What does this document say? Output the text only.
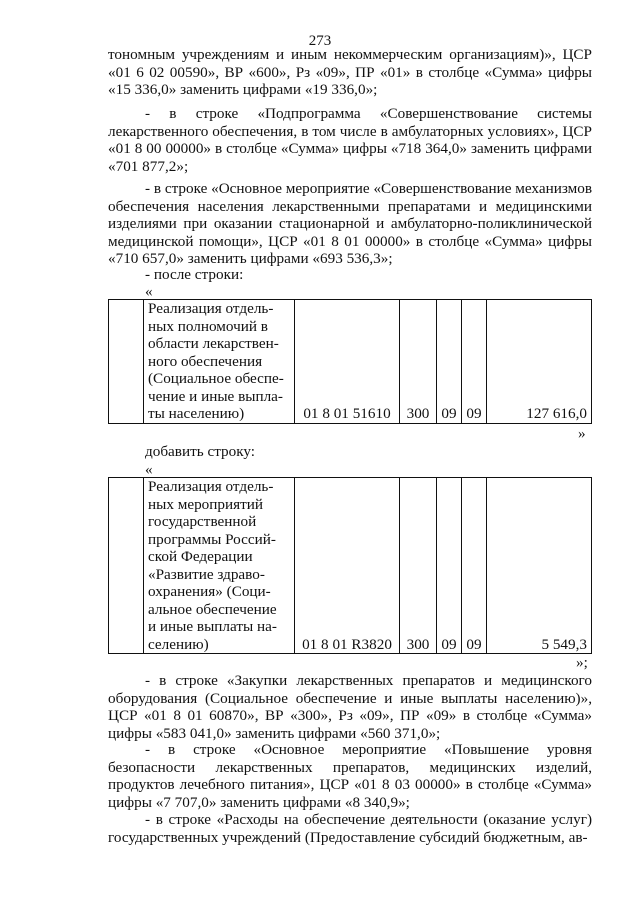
273

тономным учреждениям и иным некоммерческим организациям)», ЦСР «01 6 02 00590», ВР «600», Рз «09», ПР «01» в столбце «Сумма» цифры «15 336,0» заменить цифрами «19 336,0»;

- в строке «Подпрограмма «Совершенствование системы лекарственного обеспечения, в том числе в амбулаторных условиях», ЦСР «01 8 00 00000» в столбце «Сумма» цифры «718 364,0» заменить цифрами «701 877,2»;

- в строке «Основное мероприятие «Совершенствование механизмов обеспечения населения лекарственными препаратами и медицинскими изделиями при оказании стационарной и амбулаторно-поликлинической медицинской помощи», ЦСР «01 8 01 00000» в столбце «Сумма» цифры «710 657,0» заменить цифрами «693 536,3»;

- после строки:
«

Реализация отдель-
ных полномочий в
области лекарствен-
ного обеспечения
(Социальное обеспе-
чение и иные выпла-
ты населению)	01 8 01 51610	300	09	09	127 616,0
»
добавить строку:
«

Реализация отдель-
ных мероприятий
государственной
программы Россий-
ской Федерации
«Развитие здраво-
охранения» (Соци-
альное обеспечение
и иные выплаты на-
селению)	01 8 01 R3820	300	09	09	5 549,3
»;

- в строке «Закупки лекарственных препаратов и медицинского оборудования (Социальное обеспечение и иные выплаты населению)», ЦСР «01 8 01 60870», ВР «300», Рз «09», ПР «09» в столбце «Сумма» цифры «583 041,0» заменить цифрами «560 371,0»;

- в строке «Основное мероприятие «Повышение уровня безопасности лекарственных препаратов, медицинских изделий, продуктов лечебного питания», ЦСР «01 8 03 00000» в столбце «Сумма» цифры «7 707,0» заменить цифрами «8 340,9»;

- в строке «Расходы на обеспечение деятельности (оказание услуг) государственных учреждений (Предоставление субсидий бюджетным, ав-
